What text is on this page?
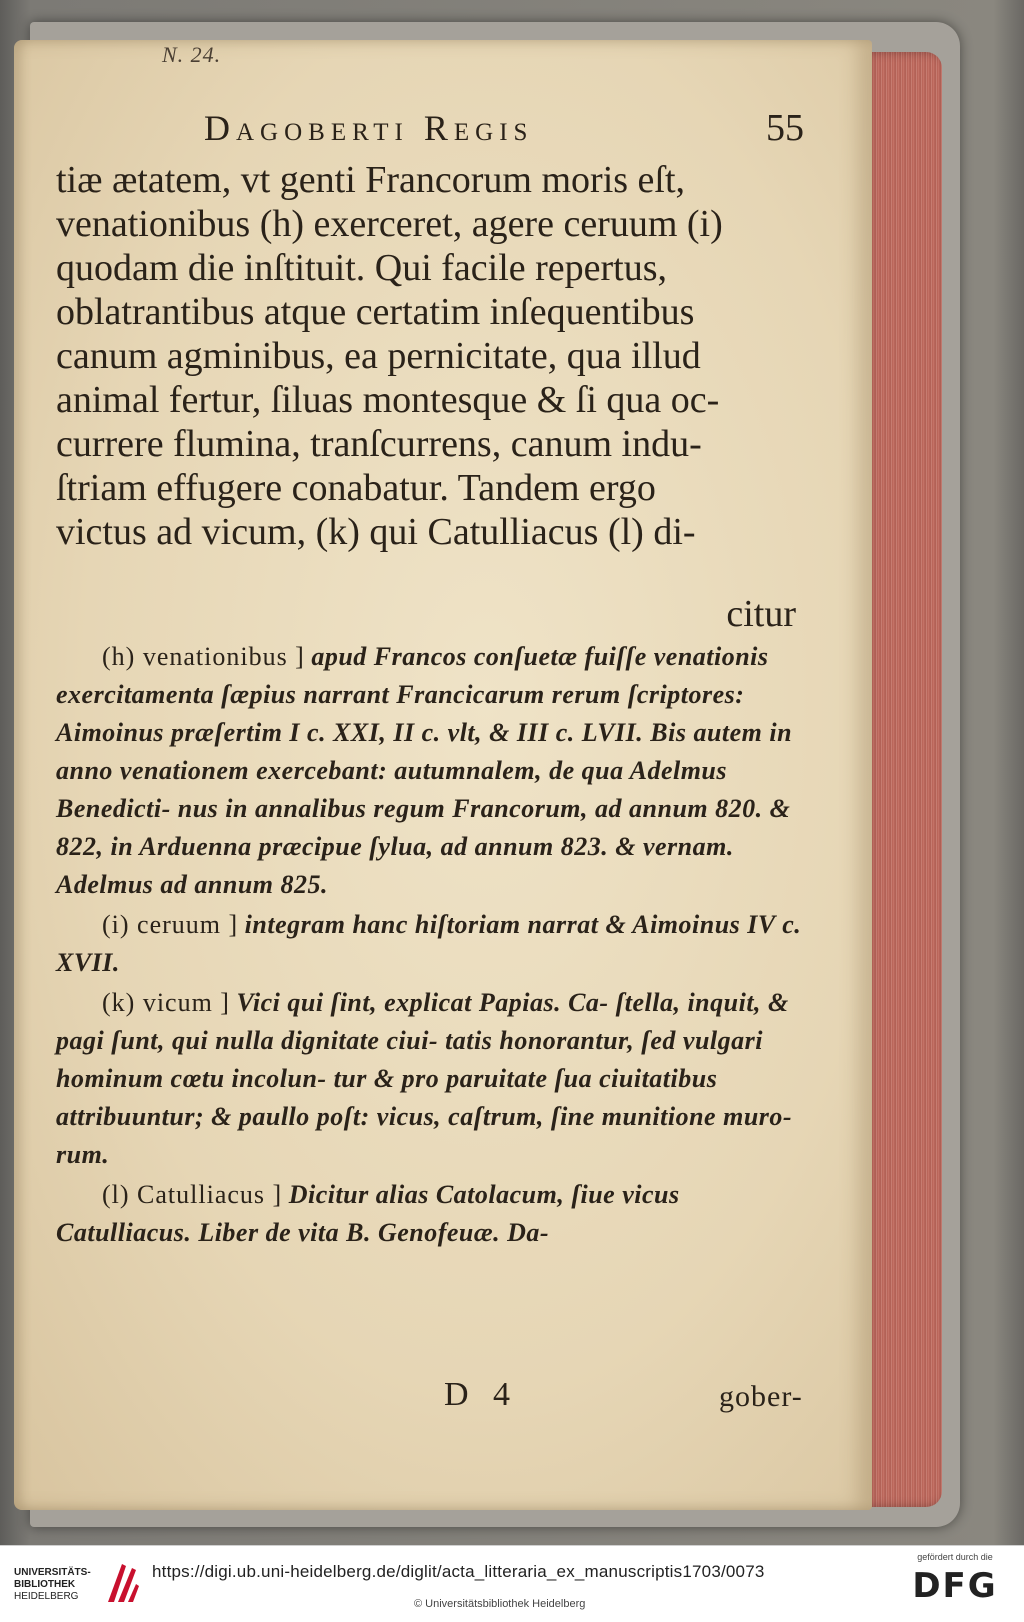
N. 24.
Dagoberti Regis	55
tiæ ætatem, vt genti Francorum moris eſt,
venationibus (h) exerceret, agere ceruum (i)
quodam die inſtituit. Qui facile repertus,
oblatrantibus atque certatim inſequentibus
canum agminibus, ea pernicitate, qua illud
animal fertur, ſiluas montesque & ſi qua oc-
currere flumina, tranſcurrens, canum indu-
ſtriam effugere conabatur. Tandem ergo
victus ad vicum, (k) qui Catulliacus (l) di-
citur

(h) venationibus ] apud Francos conſuetæ fuiſſe venationis exercitamenta ſæpius narrant Francicarum rerum ſcriptores: Aimoinus præſertim I c. XXI, II c. vlt, & III c. LVII. Bis autem in anno venationem exercebant: autumnalem, de qua Adelmus Benedicti- nus in annalibus regum Francorum, ad annum 820. & 822, in Arduenna præcipue ſylua, ad annum 823. & vernam. Adelmus ad annum 825.

(i) ceruum ] integram hanc hiſtoriam narrat & Aimoinus IV c. XVII.

(k) vicum ] Vici qui ſint, explicat Papias. Ca- ſtella, inquit, & pagi ſunt, qui nulla dignitate ciui- tatis honorantur, ſed vulgari hominum cœtu incolun- tur & pro paruitate ſua ciuitatibus attribuuntur; & paullo poſt: vicus, caſtrum, ſine munitione muro- rum.

(l) Catulliacus ] Dicitur alias Catolacum, ſiue vicus Catulliacus. Liber de vita B. Genofeuæ. Da-

D 4	gober-
UNIVERSITÄTS-
BIBLIOTHEK
HEIDELBERG
https://digi.ub.uni-heidelberg.de/diglit/acta_litteraria_ex_manuscriptis1703/0073
© Universitätsbibliothek Heidelberg
gefördert durch die
DFG
